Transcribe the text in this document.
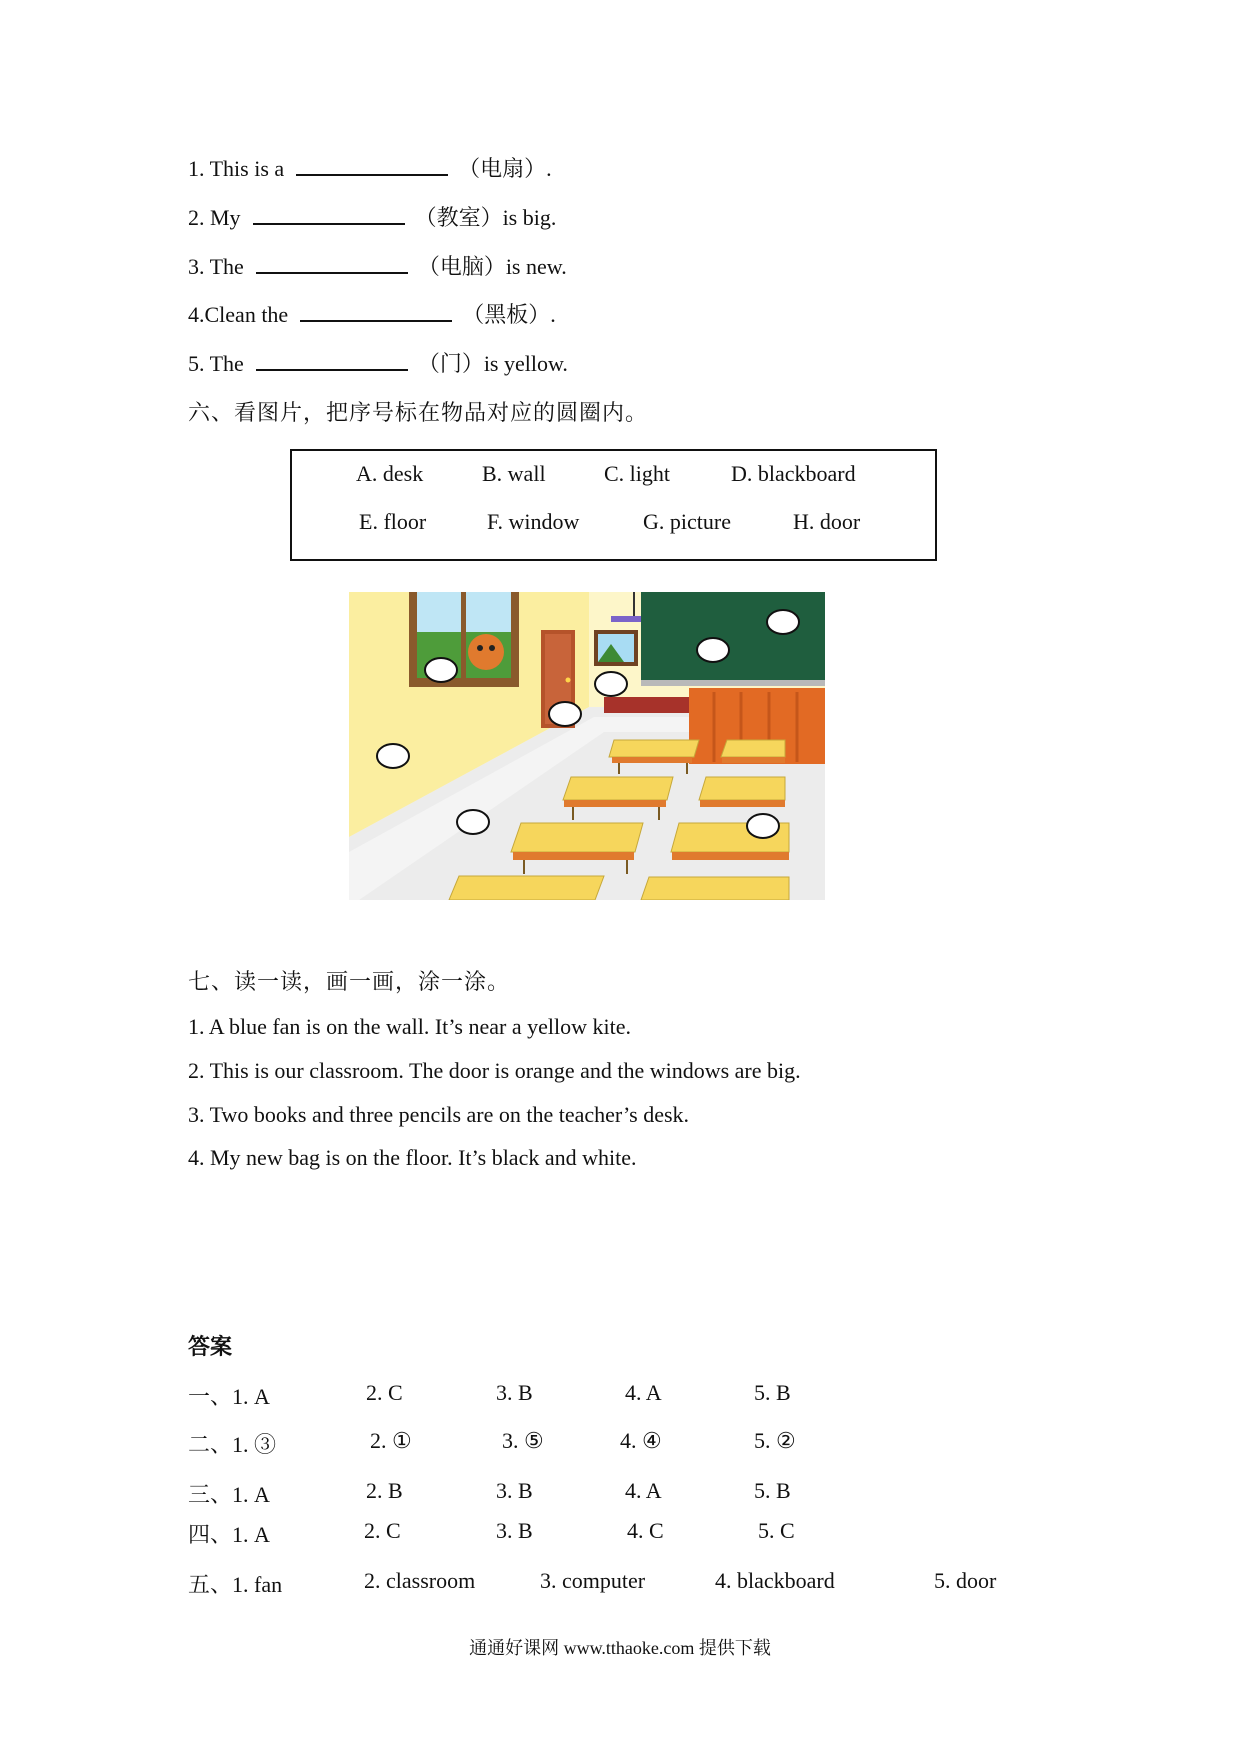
1. This is a	（电扇）.
2. My	（教室）is big.
3. The	（电脑）is new.
4.Clean the	（黑板）.
5. The	（门）is yellow.
六、看图片，把序号标在物品对应的圆圈内。
A. desk	B. wall	C. light	D. blackboard
E. floor	F. window	G. picture	H. door
七、读一读，画一画，涂一涂。
1. A blue fan is on the wall. It’s near a yellow kite.
2. This is our classroom. The door is orange and the windows are big.
3. Two books and three pencils are on the teacher’s desk.
4. My new bag is on the floor. It’s black and white.
答案
一、1. A	2. C	3. B	4. A	5. B
二、1. ③	2. ①	3. ⑤	4. ④	5. ②
三、1. A	2. B	3. B	4. A	5. B
四、1. A	2. C	3. B	4. C	5. C
五、1. fan	2. classroom	3. computer	4. blackboard	5. door
通通好课网 www.tthaoke.com 提供下载
